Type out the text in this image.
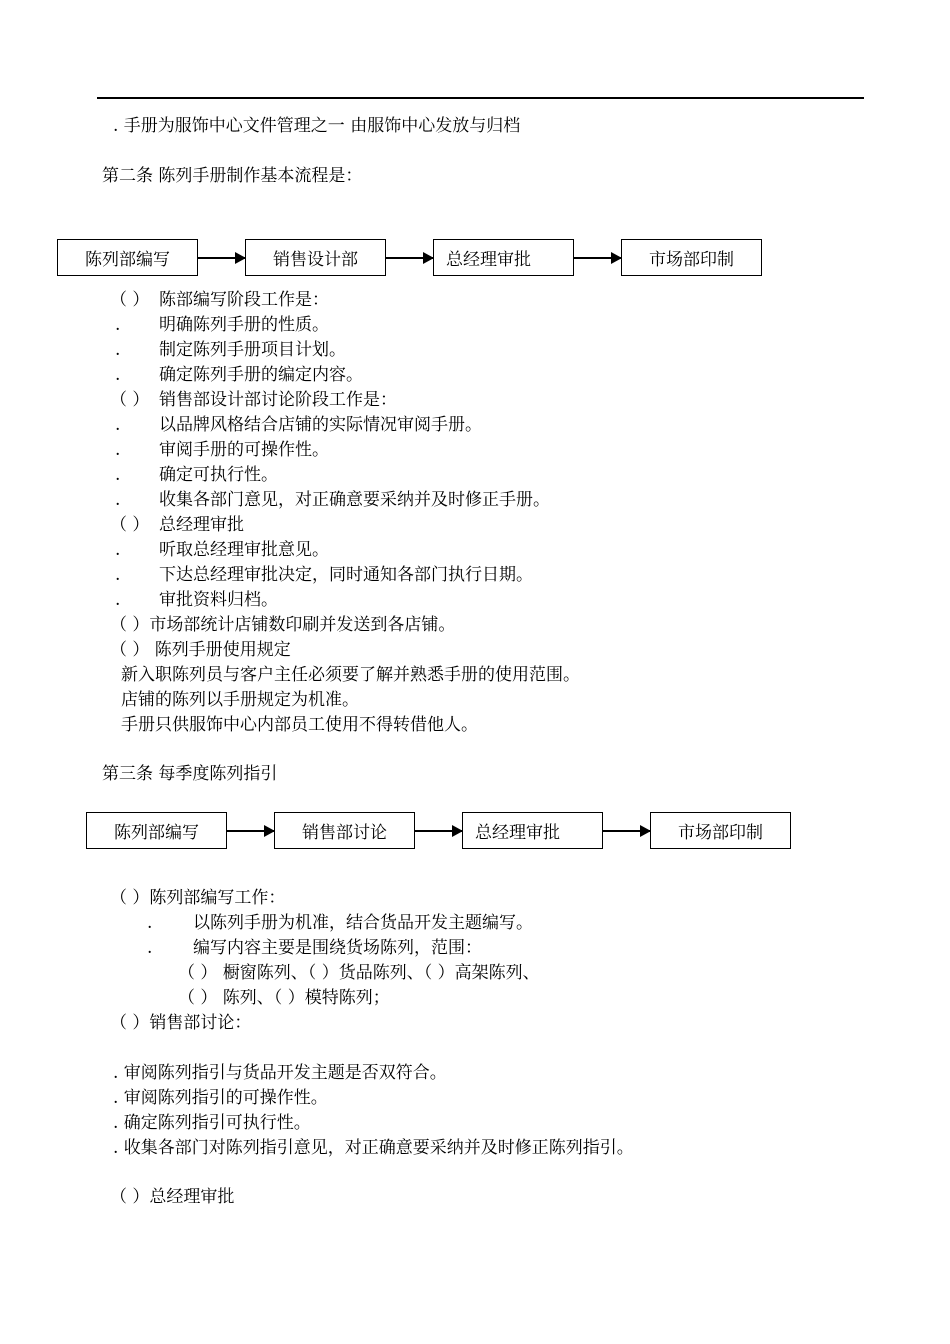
. 手册为服饰中心文件管理之一 由服饰中心发放与归档
第二条 陈列手册制作基本流程是：
陈列部编写	销售设计部	总经理审批	市场部印制
（ ） 陈部编写阶段工作是：
. 明确陈列手册的性质。
. 制定陈列手册项目计划。
. 确定陈列手册的编定内容。
（ ） 销售部设计部讨论阶段工作是：
. 以品牌风格结合店铺的实际情况审阅手册。
. 审阅手册的可操作性。
. 确定可执行性。
. 收集各部门意见，对正确意要采纳并及时修正手册。
（ ） 总经理审批
. 听取总经理审批意见。
. 下达总经理审批决定，同时通知各部门执行日期。
. 审批资料归档。
（ ）市场部统计店铺数印刷并发送到各店铺。
（ ） 陈列手册使用规定
新入职陈列员与客户主任必须要了解并熟悉手册的使用范围。
店铺的陈列以手册规定为机准。
手册只供服饰中心内部员工使用不得转借他人。
第三条 每季度陈列指引
陈列部编写	销售部讨论	总经理审批	市场部印制
（ ）陈列部编写工作：
. 以陈列手册为机准，结合货品开发主题编写。
. 编写内容主要是围绕货场陈列，范围：
（ ） 橱窗陈列、（ ）货品陈列、（ ）高架陈列、
（ ） 陈列、（ ）模特陈列；
（ ）销售部讨论：
. 审阅陈列指引与货品开发主题是否双符合。
. 审阅陈列指引的可操作性。
. 确定陈列指引可执行性。
. 收集各部门对陈列指引意见，对正确意要采纳并及时修正陈列指引。
（ ）总经理审批
